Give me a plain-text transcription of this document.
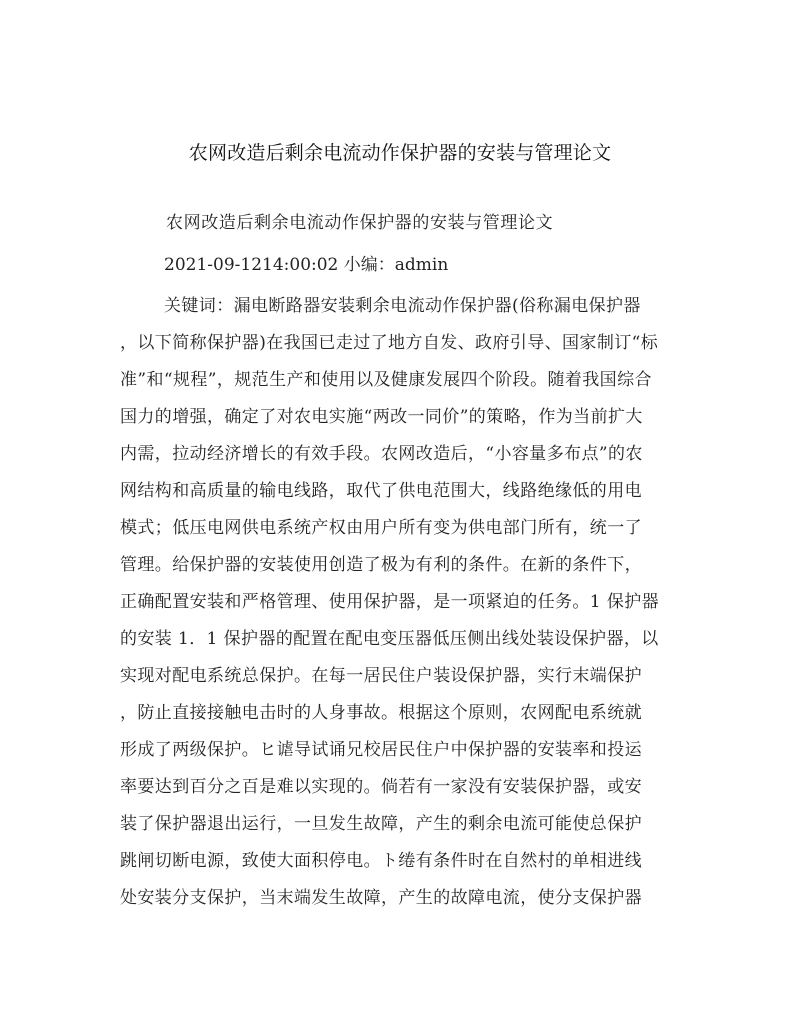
农网改造后剩余电流动作保护器的安装与管理论文
农网改造后剩余电流动作保护器的安装与管理论文
2021-09-1214:00:02 小编：admin
关键词：漏电断路器安装剩余电流动作保护器(俗称漏电保护器
，以下简称保护器)在我国已走过了地方自发、政府引导、国家制订“标
准”和“规程”，规范生产和使用以及健康发展四个阶段。随着我国综合
国力的增强，确定了对农电实施“两改一同价”的策略，作为当前扩大
内需，拉动经济增长的有效手段。农网改造后，“小容量多布点”的农
网结构和高质量的输电线路，取代了供电范围大，线路绝缘低的用电
模式；低压电网供电系统产权由用户所有变为供电部门所有，统一了
管理。给保护器的安装使用创造了极为有利的条件。在新的条件下，
正确配置安装和严格管理、使用保护器，是一项紧迫的任务。1 保护器
的安装 1．1 保护器的配置在配电变压器低压侧出线处装设保护器，以
实现对配电系统总保护。在每一居民住户装设保护器，实行末端保护
，防止直接接触电击时的人身事故。根据这个原则，农网配电系统就
形成了两级保护。ヒ谑导试诵兄校居民住户中保护器的安装率和投运
率要达到百分之百是难以实现的。倘若有一家没有安装保护器，或安
装了保护器退出运行，一旦发生故障，产生的剩余电流可能使总保护
跳闸切断电源，致使大面积停电。ト绻有条件时在自然村的单相进线
处安装分支保护，当末端发生故障，产生的故障电流，使分支保护器
